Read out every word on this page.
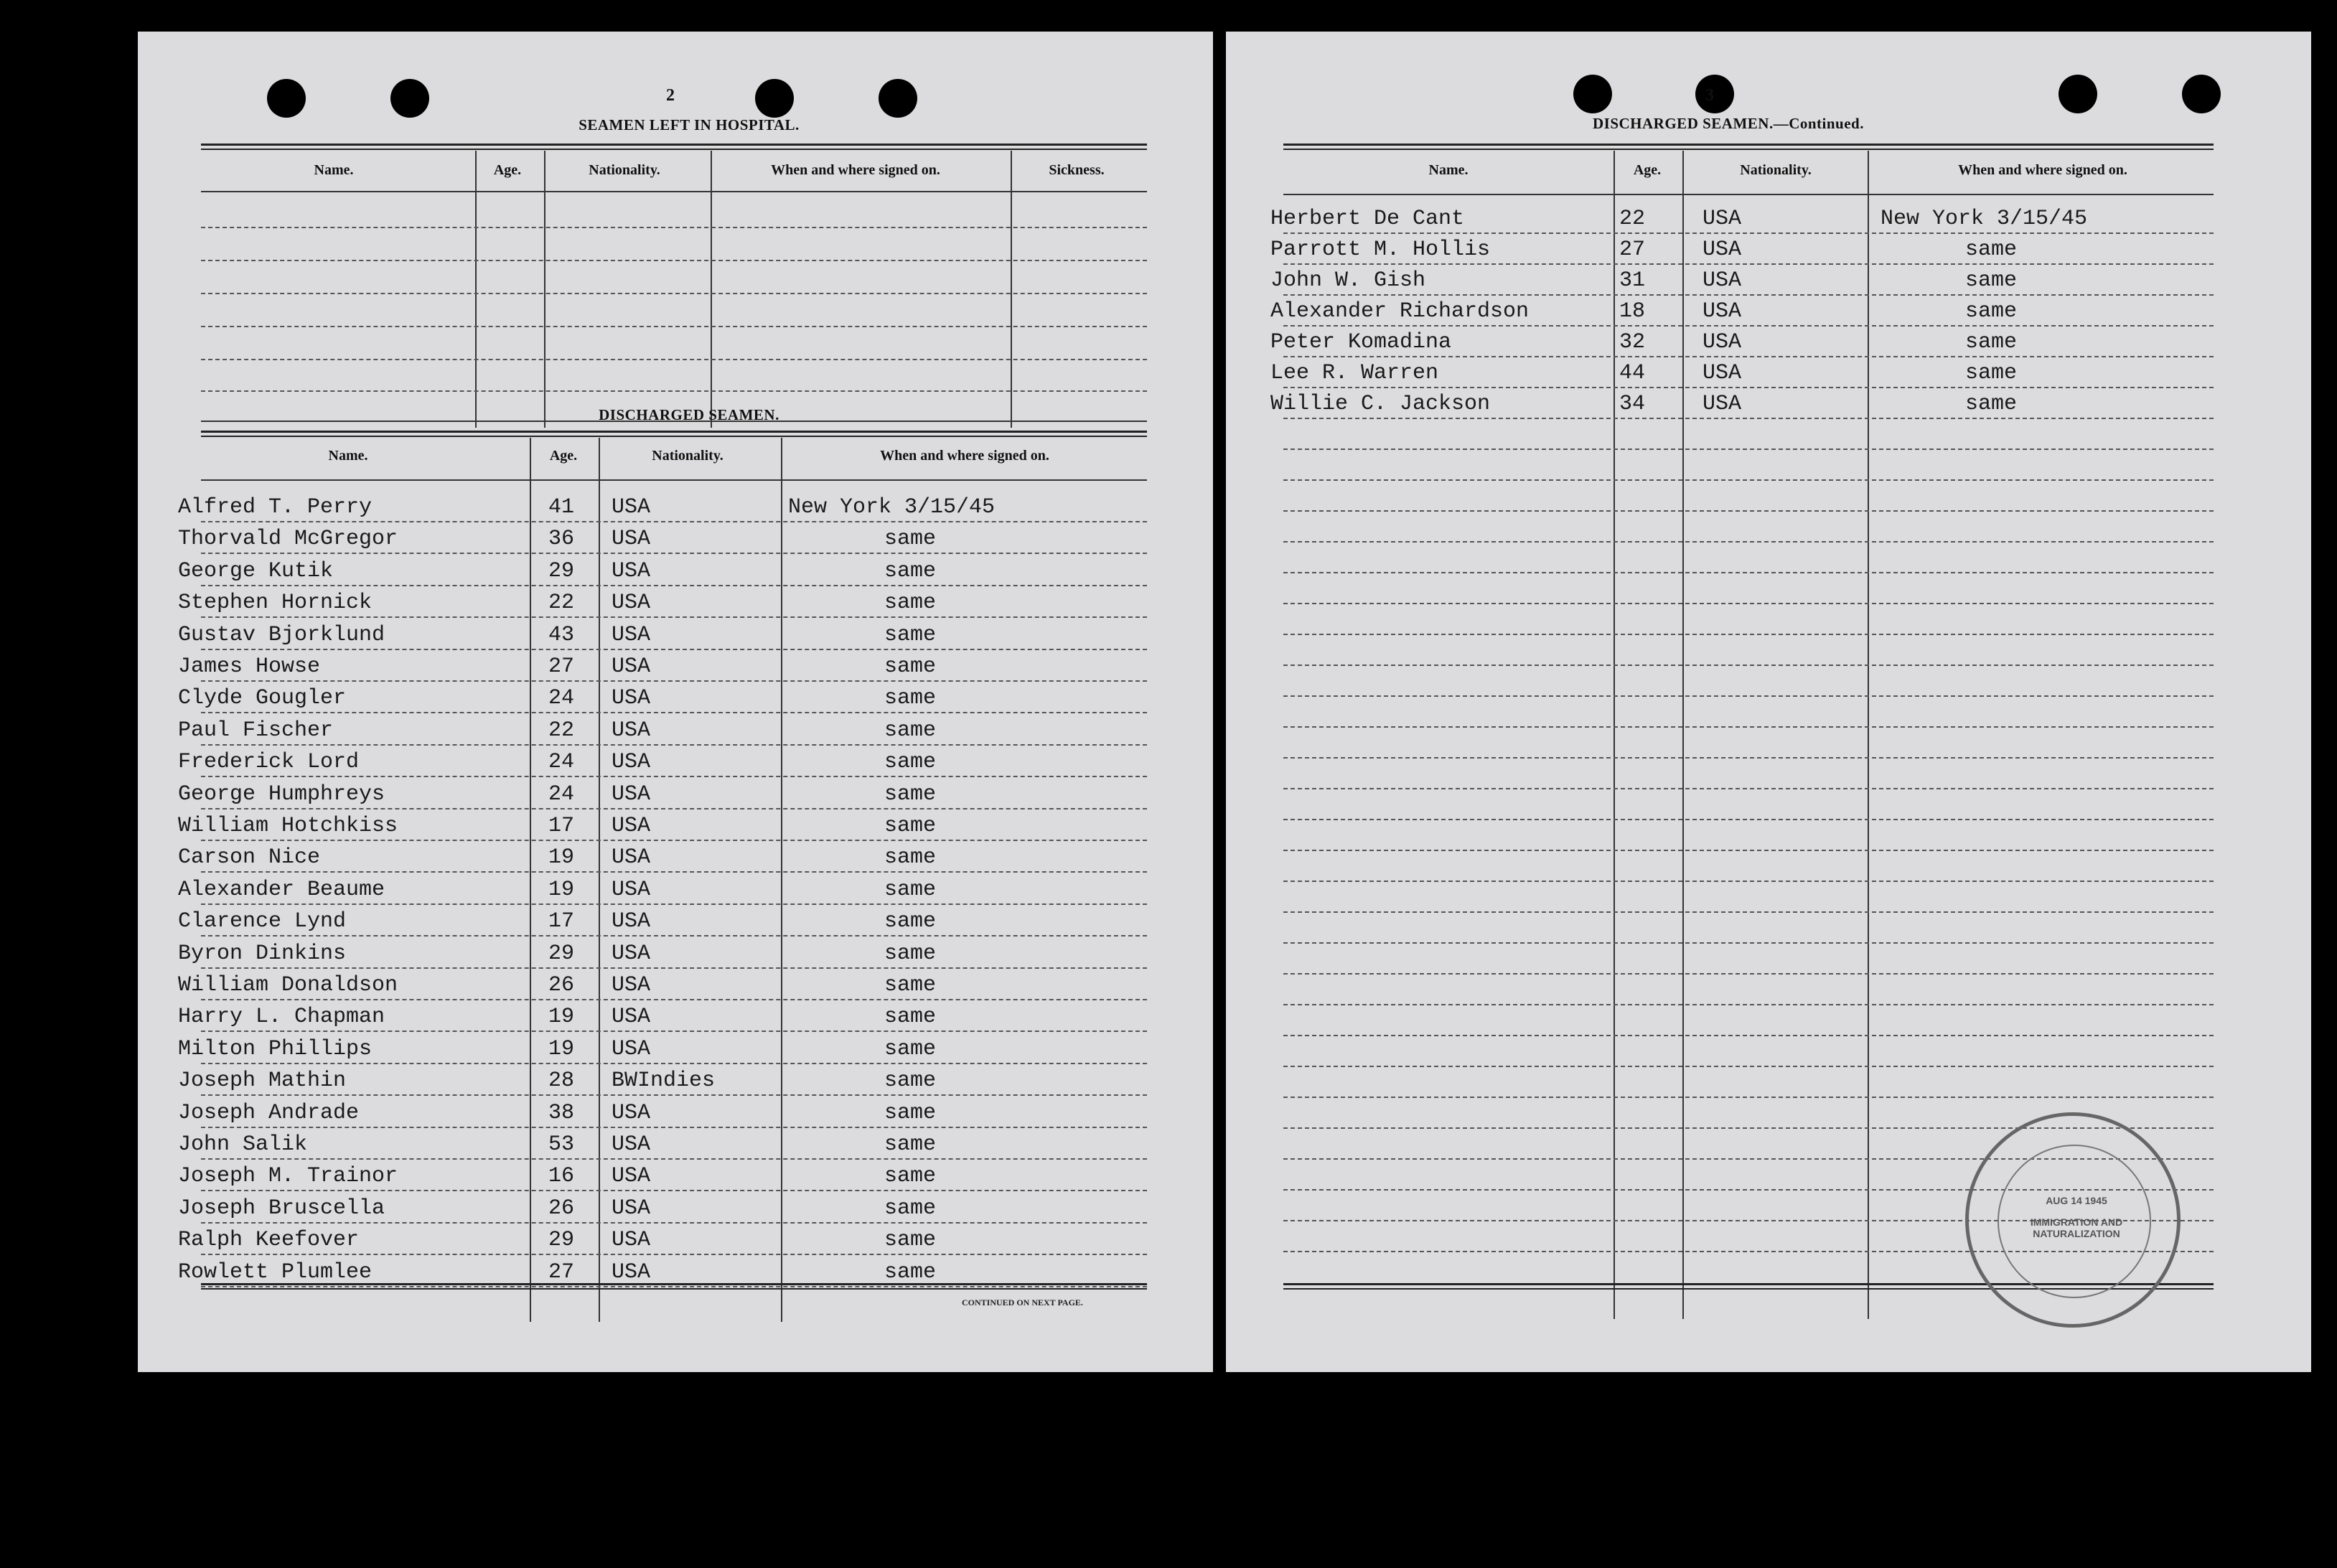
2
SEAMEN LEFT IN HOSPITAL.
Name.	Age.	Nationality.	When and where signed on.	Sickness.
DISCHARGED SEAMEN.
Name.	Age.	Nationality.	When and where signed on.
Alfred T. Perry	41 USA	New York 3/15/45
Thorvald McGregor	36 USA	same
George Kutik	29 USA	same
Stephen Hornick	22 USA	same
Gustav Bjorklund	43 USA	same
James Howse	27 USA	same
Clyde Gougler	24 USA	same
Paul Fischer	22 USA	same
Frederick Lord	24 USA	same
George Humphreys	24 USA	same
William Hotchkiss	17 USA	same
Carson Nice	19 USA	same
Alexander Beaume	19 USA	same
Clarence Lynd	17 USA	same
Byron Dinkins	29 USA	same
William Donaldson	26 USA	same
Harry L. Chapman	19 USA	same
Milton Phillips	19 USA	same
Joseph Mathin	28 BWIndies	same
Joseph Andrade	38 USA	same
John Salik	53 USA	same
Joseph M. Trainor	16 USA	same
Joseph Bruscella	26 USA	same
Ralph Keefover	29 USA	same
Rowlett Plumlee	27 USA	same
CONTINUED ON NEXT PAGE.
3
DISCHARGED SEAMEN.—Continued.
Name.	Age.	Nationality.	When and where signed on.
Herbert De Cant	22	USA	New York 3/15/45
Parrott M. Hollis	27	USA	same
John W. Gish	31	USA	same
Alexander Richardson	18	USA	same
Peter Komadina	32	USA	same
Lee R. Warren	44	USA	same
Willie C. Jackson	34	USA	same
AUG 14 1945
IMMIGRATION AND NATURALIZATION
